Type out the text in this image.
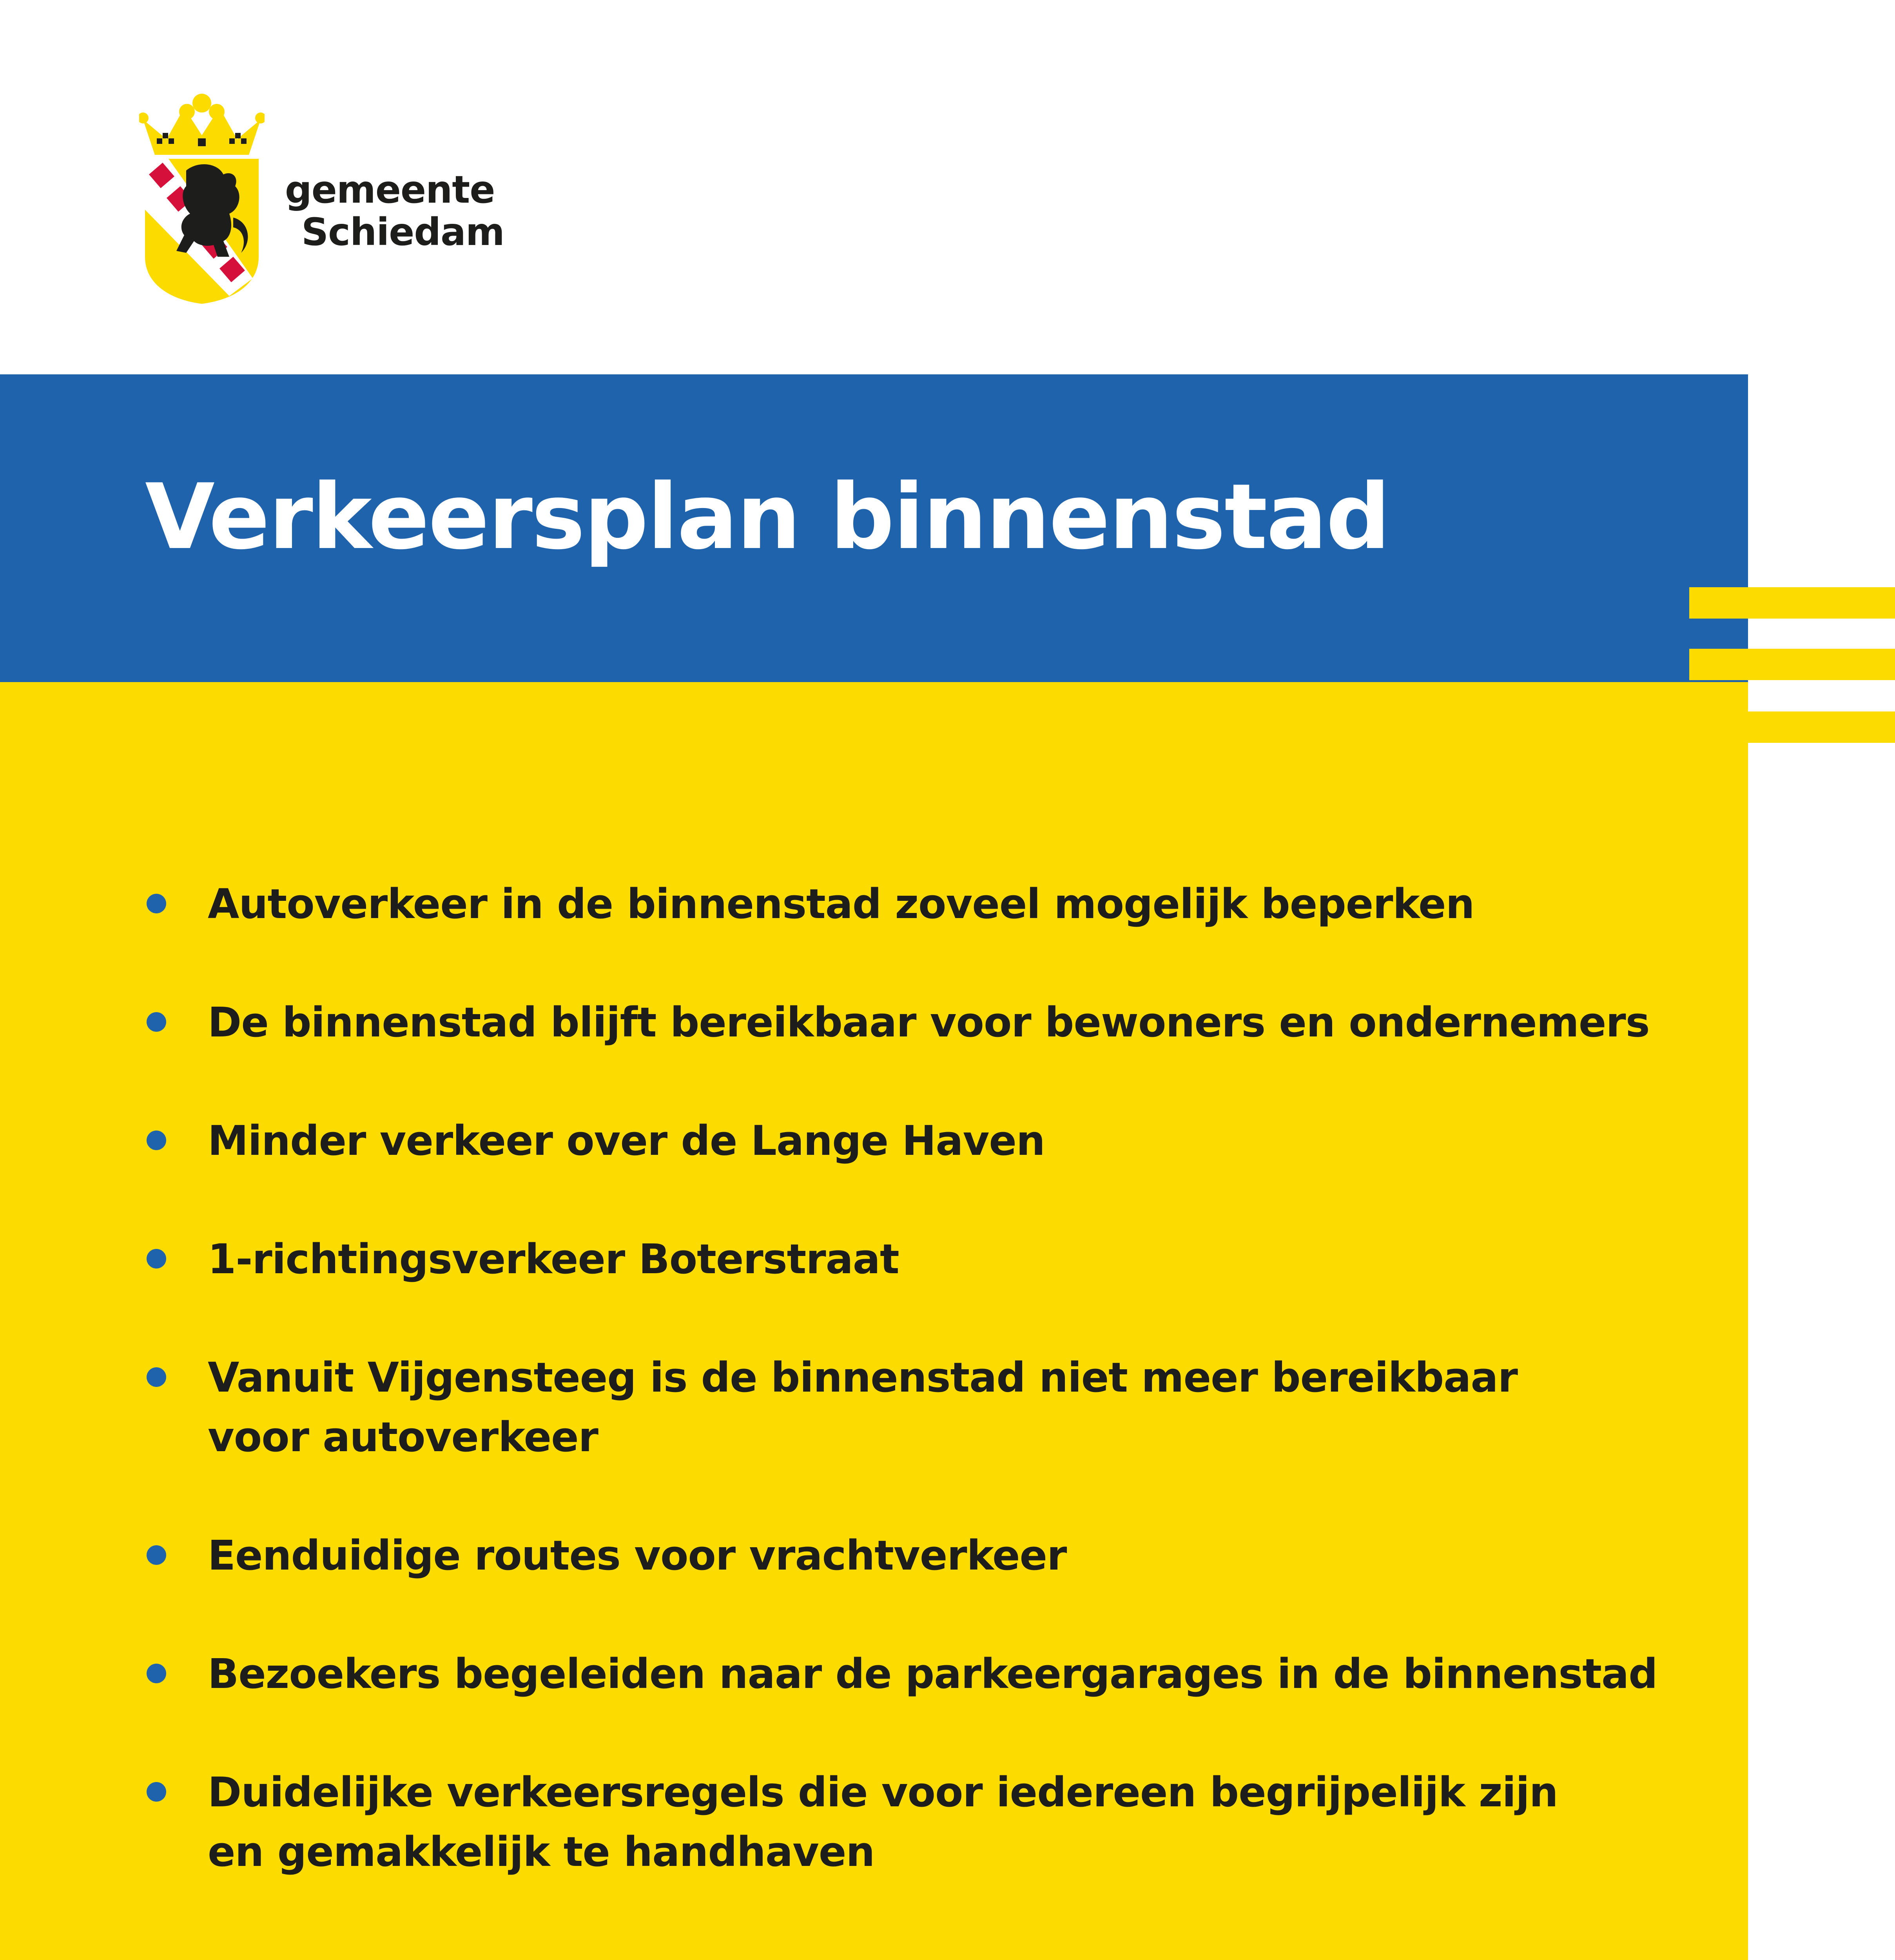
gemeente
Schiedam
Verkeersplan binnenstad
Autoverkeer in de binnenstad zoveel mogelijk beperken
De binnenstad blijft bereikbaar voor bewoners en ondernemers
Minder verkeer over de Lange Haven
1-richtingsverkeer Boterstraat
Vanuit Vijgensteeg is de binnenstad niet meer bereikbaar
voor autoverkeer
Eenduidige routes voor vrachtverkeer
Bezoekers begeleiden naar de parkeergarages in de binnenstad
Duidelijke verkeersregels die voor iedereen begrijpelijk zijn
en gemakkelijk te handhaven
